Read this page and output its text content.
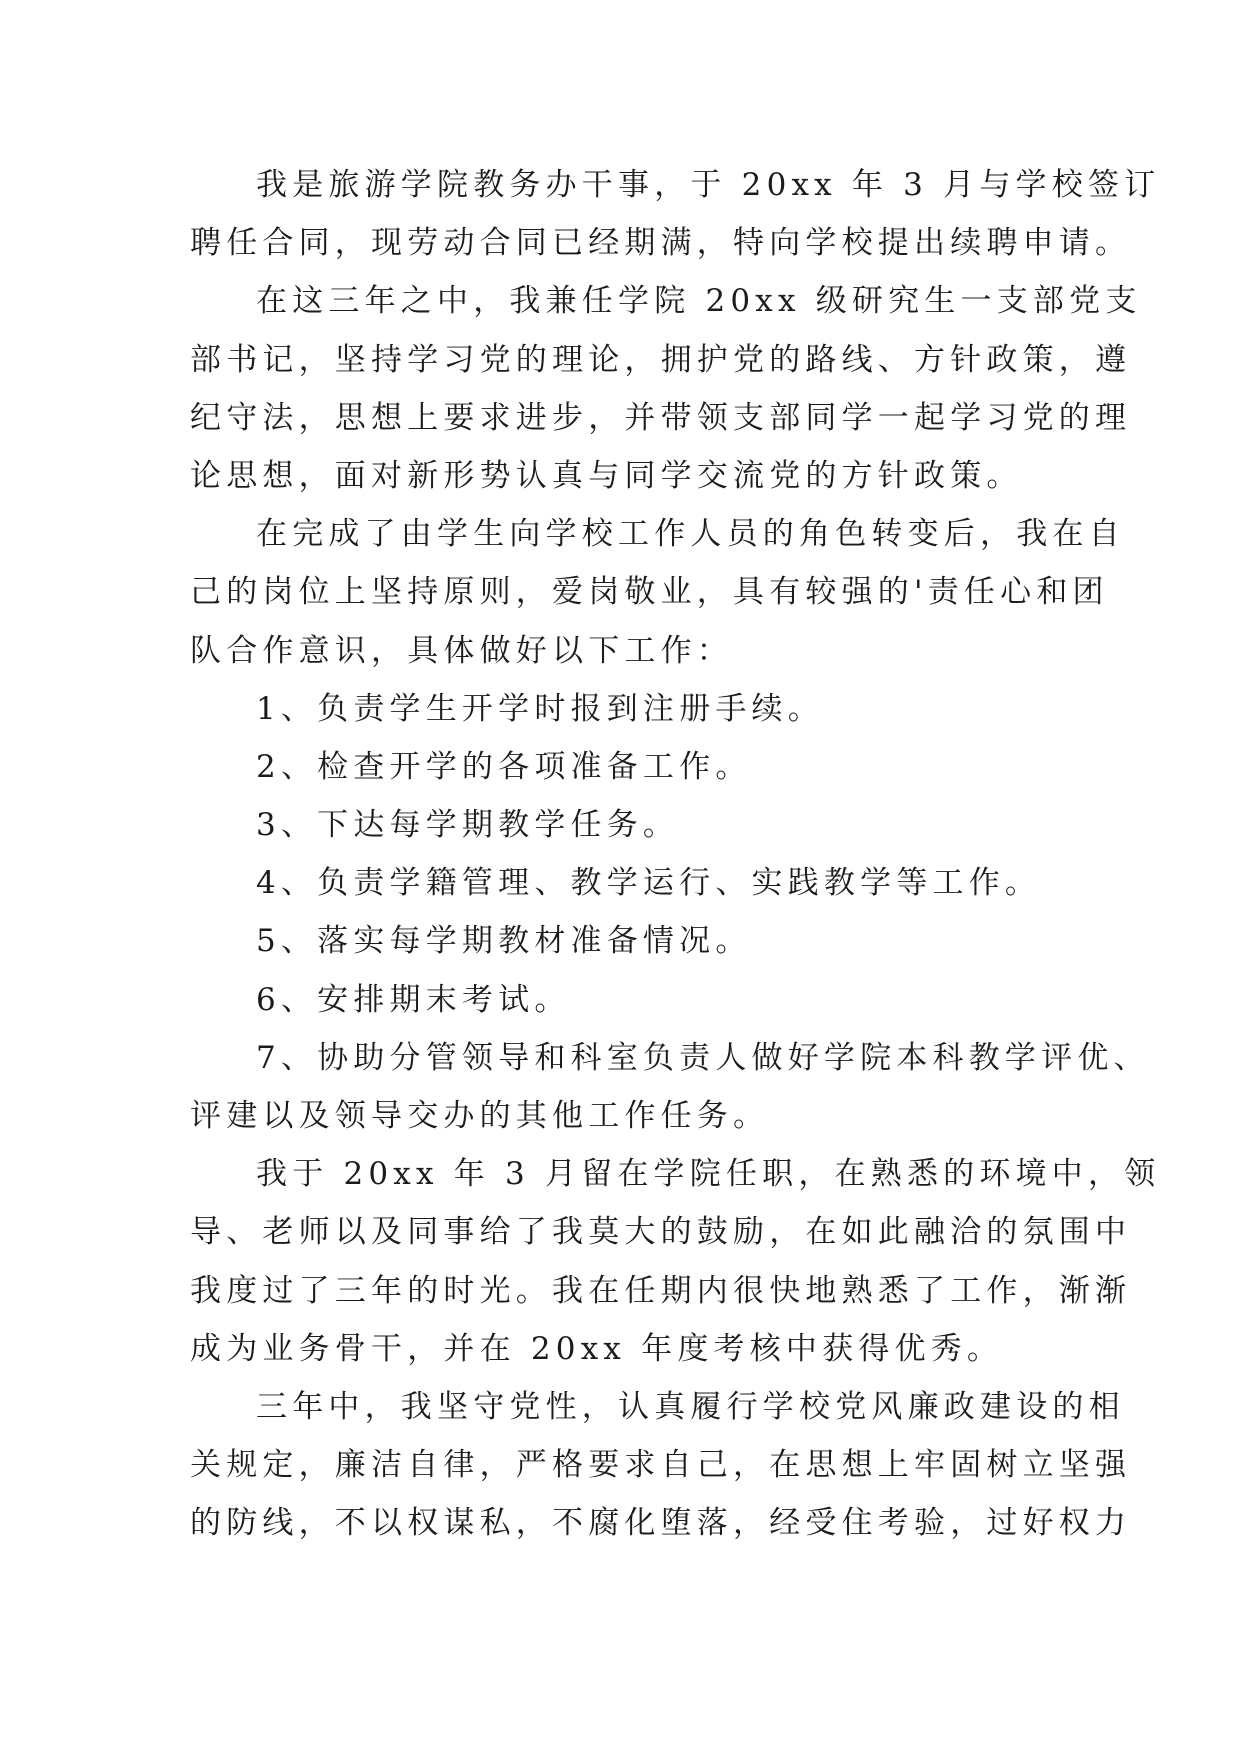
我是旅游学院教务办干事，于 20xx 年 3 月与学校签订
聘任合同，现劳动合同已经期满，特向学校提出续聘申请。
在这三年之中，我兼任学院 20xx 级研究生一支部党支
部书记，坚持学习党的理论，拥护党的路线、方针政策，遵
纪守法，思想上要求进步，并带领支部同学一起学习党的理
论思想，面对新形势认真与同学交流党的方针政策。
在完成了由学生向学校工作人员的角色转变后，我在自
己的岗位上坚持原则，爱岗敬业，具有较强的'责任心和团
队合作意识，具体做好以下工作：
1、负责学生开学时报到注册手续。
2、检查开学的各项准备工作。
3、下达每学期教学任务。
4、负责学籍管理、教学运行、实践教学等工作。
5、落实每学期教材准备情况。
6、安排期末考试。
7、协助分管领导和科室负责人做好学院本科教学评优、
评建以及领导交办的其他工作任务。
我于 20xx 年 3 月留在学院任职，在熟悉的环境中，领
导、老师以及同事给了我莫大的鼓励，在如此融洽的氛围中
我度过了三年的时光。我在任期内很快地熟悉了工作，渐渐
成为业务骨干，并在 20xx 年度考核中获得优秀。
三年中，我坚守党性，认真履行学校党风廉政建设的相
关规定，廉洁自律，严格要求自己，在思想上牢固树立坚强
的防线，不以权谋私，不腐化堕落，经受住考验，过好权力
